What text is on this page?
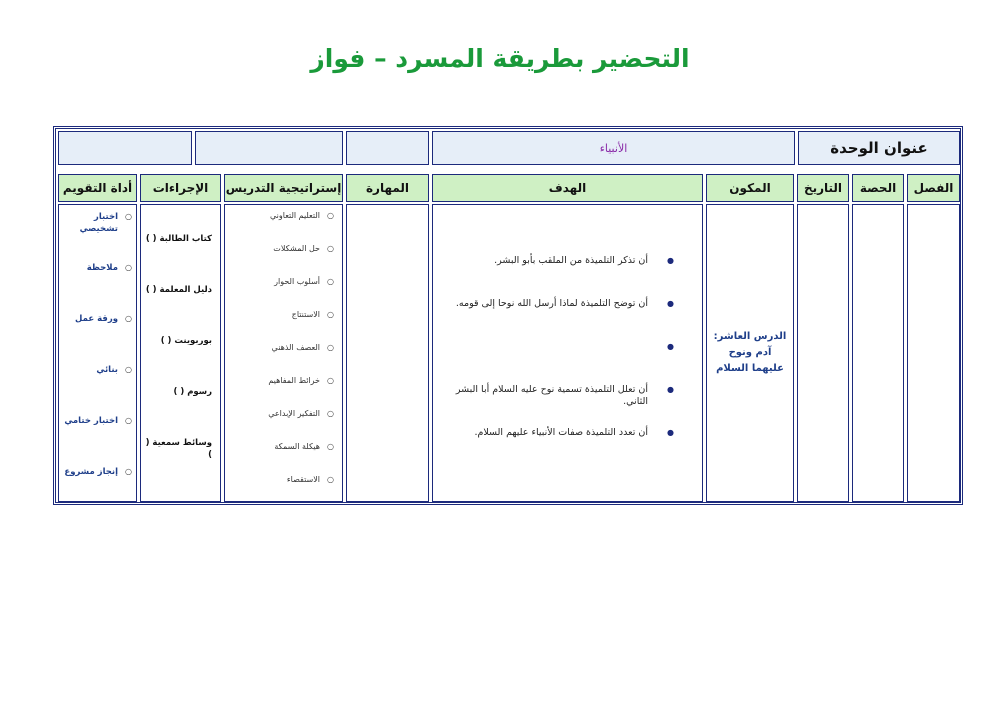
التحضير بطريقة المسرد – فواز
عنوان الوحدة
الأنبياء
الفصل
الحصة
التاريخ
المكون
الهدف
المهارة
إستراتيجية التدريس
الإجراءات
أداة التقويم
الدرس العاشر:
آدم ونوح عليهما السلام
● أن تذكر التلميذة من الملقب بأبو البشر.
● أن توضح التلميذة لماذا أرسل الله نوحا إلى قومه.
●
● أن تعلل التلميذة تسمية نوح عليه السلام أبا البشر الثاني.
● أن تعدد التلميذة صفات الأنبياء عليهم السلام.
○ التعليم التعاوني
○ حل المشكلات
○ أسلوب الحوار
○ الاستنتاج
○ العصف الذهني
○ خرائط المفاهيم
○ التفكير الإبداعي
○ هيكلة السمكة
○ الاستقصاء
كتاب الطالبة ( )
دليل المعلمة ( )
بوربوينت ( )
رسوم ( )
وسائط سمعية ( )
○ اختبار تشخيصي
○ ملاحظة
○ ورقة عمل
○ بنائي
○ اختبار ختامي
○ إنجاز مشروع
